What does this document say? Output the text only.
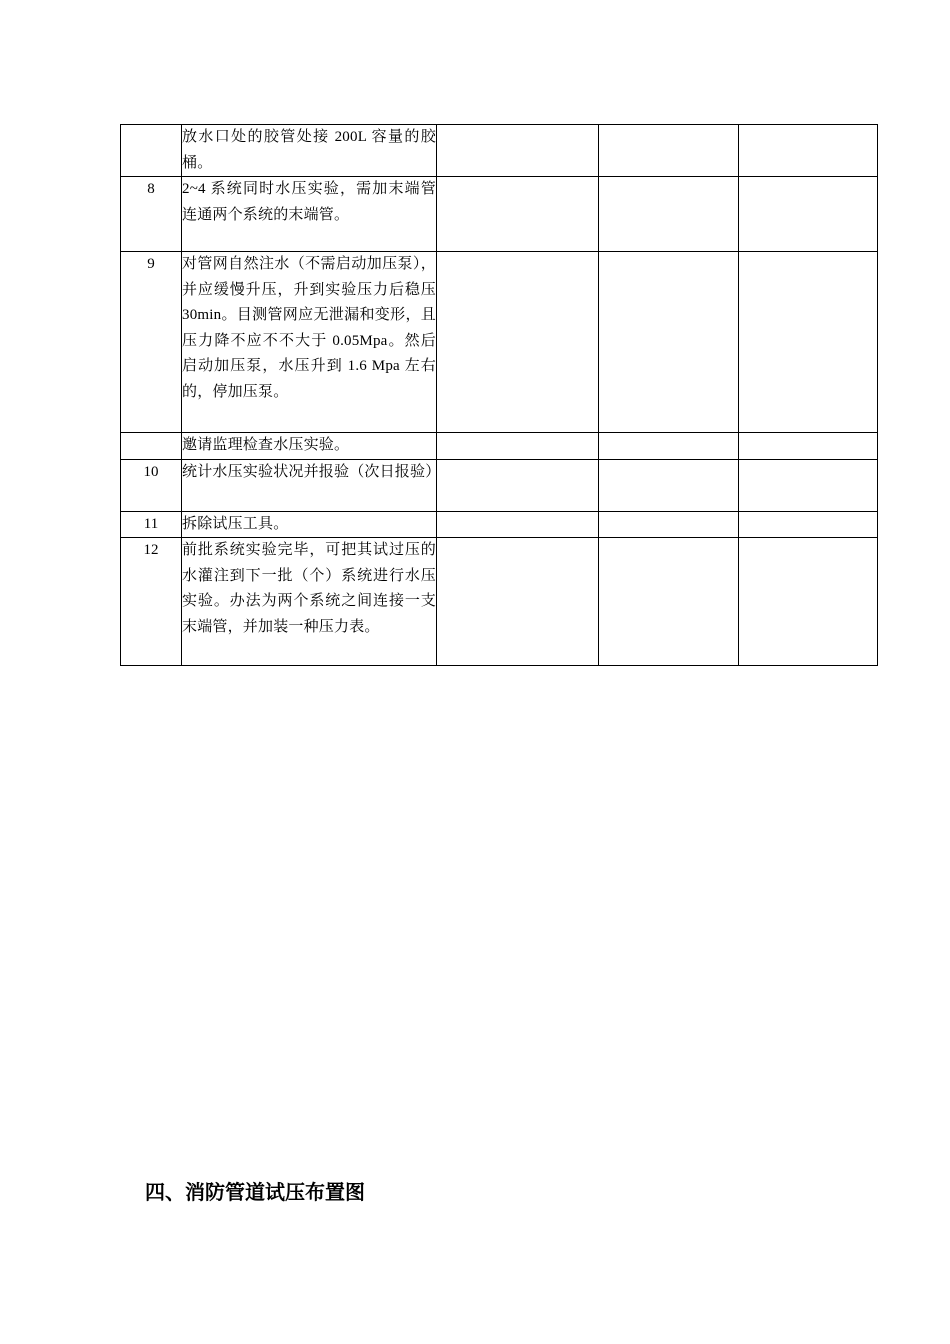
	放水口处的胶管处接 200L 容量的胶桶。			

8	2~4 系统同时水压实验，需加末端管连通两个系统的末端管。			

9	对管网自然注水（不需启动加压泵），并应缓慢升压，升到实验压力后稳压 30min。目测管网应无泄漏和变形，且压力降不应不不大于 0.05Mpa。然后启动加压泵，水压升到 1.6 Mpa 左右的，停加压泵。			

	邀请监理检查水压实验。			

10	统计水压实验状况并报验（次日报验）			

11	拆除试压工具。			

12	前批系统实验完毕，可把其试过压的水灌注到下一批（个）系统进行水压实验。办法为两个系统之间连接一支末端管，并加装一种压力表。			

四、消防管道试压布置图
